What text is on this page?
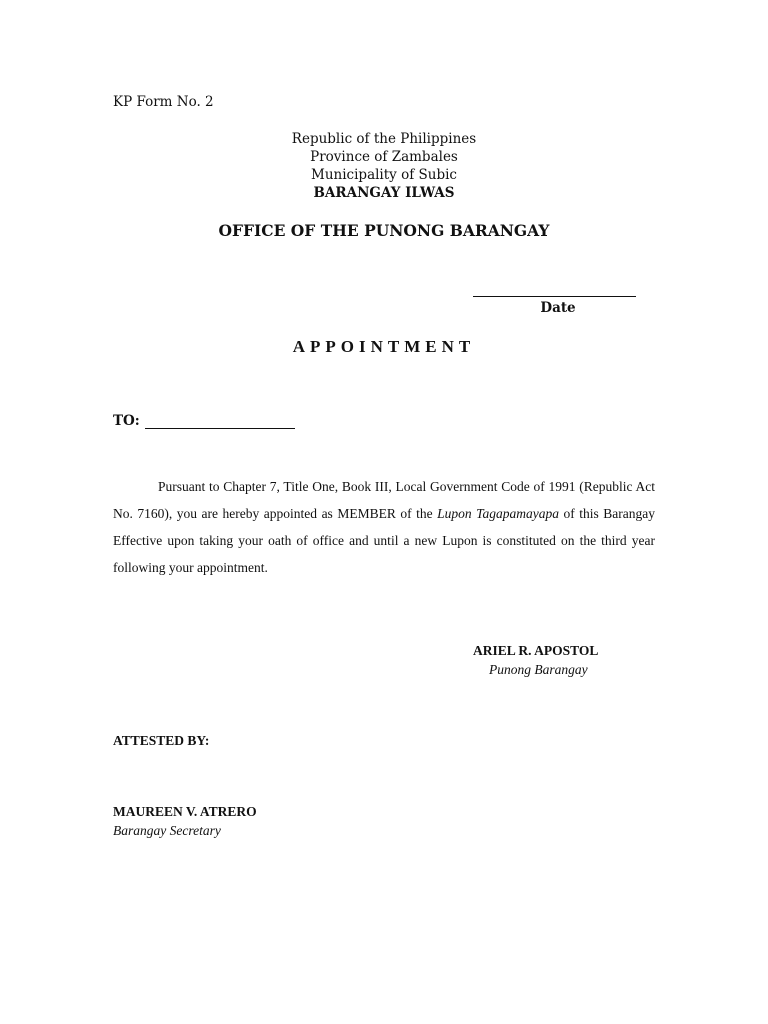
KP Form No. 2
Republic of the Philippines
Province of Zambales
Municipality of Subic
BARANGAY ILWAS
OFFICE OF THE PUNONG BARANGAY
Date
APPOINTMENT
TO:
Pursuant to Chapter 7, Title One, Book III, Local Government Code of 1991 (Republic Act No. 7160), you are hereby appointed as MEMBER of the Lupon Tagapamayapa of this Barangay Effective upon taking your oath of office and until a new Lupon is constituted on the third year following your appointment.
ARIEL R. APOSTOL
Punong Barangay
ATTESTED BY:
MAUREEN V. ATRERO
Barangay Secretary
